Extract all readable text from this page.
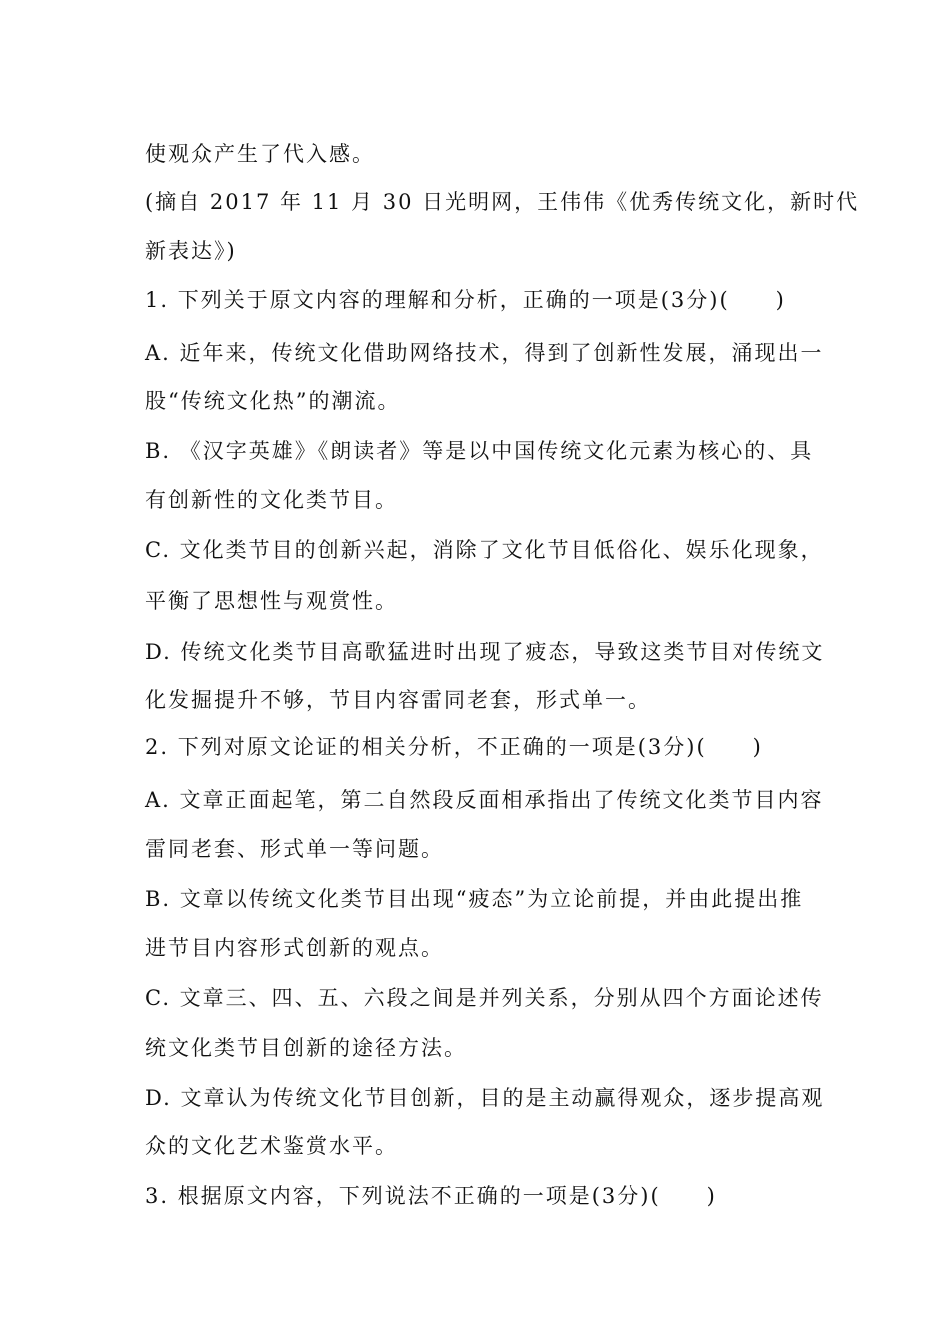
使观众产生了代入感。
(摘自 2017 年 11 月 30 日光明网，王伟伟《优秀传统文化，新时代
新表达》)
1. 下列关于原文内容的理解和分析，正确的一项是(3分)(　　)
A. 近年来，传统文化借助网络技术，得到了创新性发展，涌现出一
股“传统文化热”的潮流。
B. 《汉字英雄》《朗读者》等是以中国传统文化元素为核心的、具
有创新性的文化类节目。
C. 文化类节目的创新兴起，消除了文化节目低俗化、娱乐化现象，
平衡了思想性与观赏性。
D. 传统文化类节目高歌猛进时出现了疲态，导致这类节目对传统文
化发掘提升不够，节目内容雷同老套，形式单一。
2. 下列对原文论证的相关分析，不正确的一项是(3分)(　　)
A. 文章正面起笔，第二自然段反面相承指出了传统文化类节目内容
雷同老套、形式单一等问题。
B. 文章以传统文化类节目出现“疲态”为立论前提，并由此提出推
进节目内容形式创新的观点。
C. 文章三、四、五、六段之间是并列关系，分别从四个方面论述传
统文化类节目创新的途径方法。
D. 文章认为传统文化节目创新，目的是主动赢得观众，逐步提高观
众的文化艺术鉴赏水平。
3. 根据原文内容，下列说法不正确的一项是(3分)(　　)
